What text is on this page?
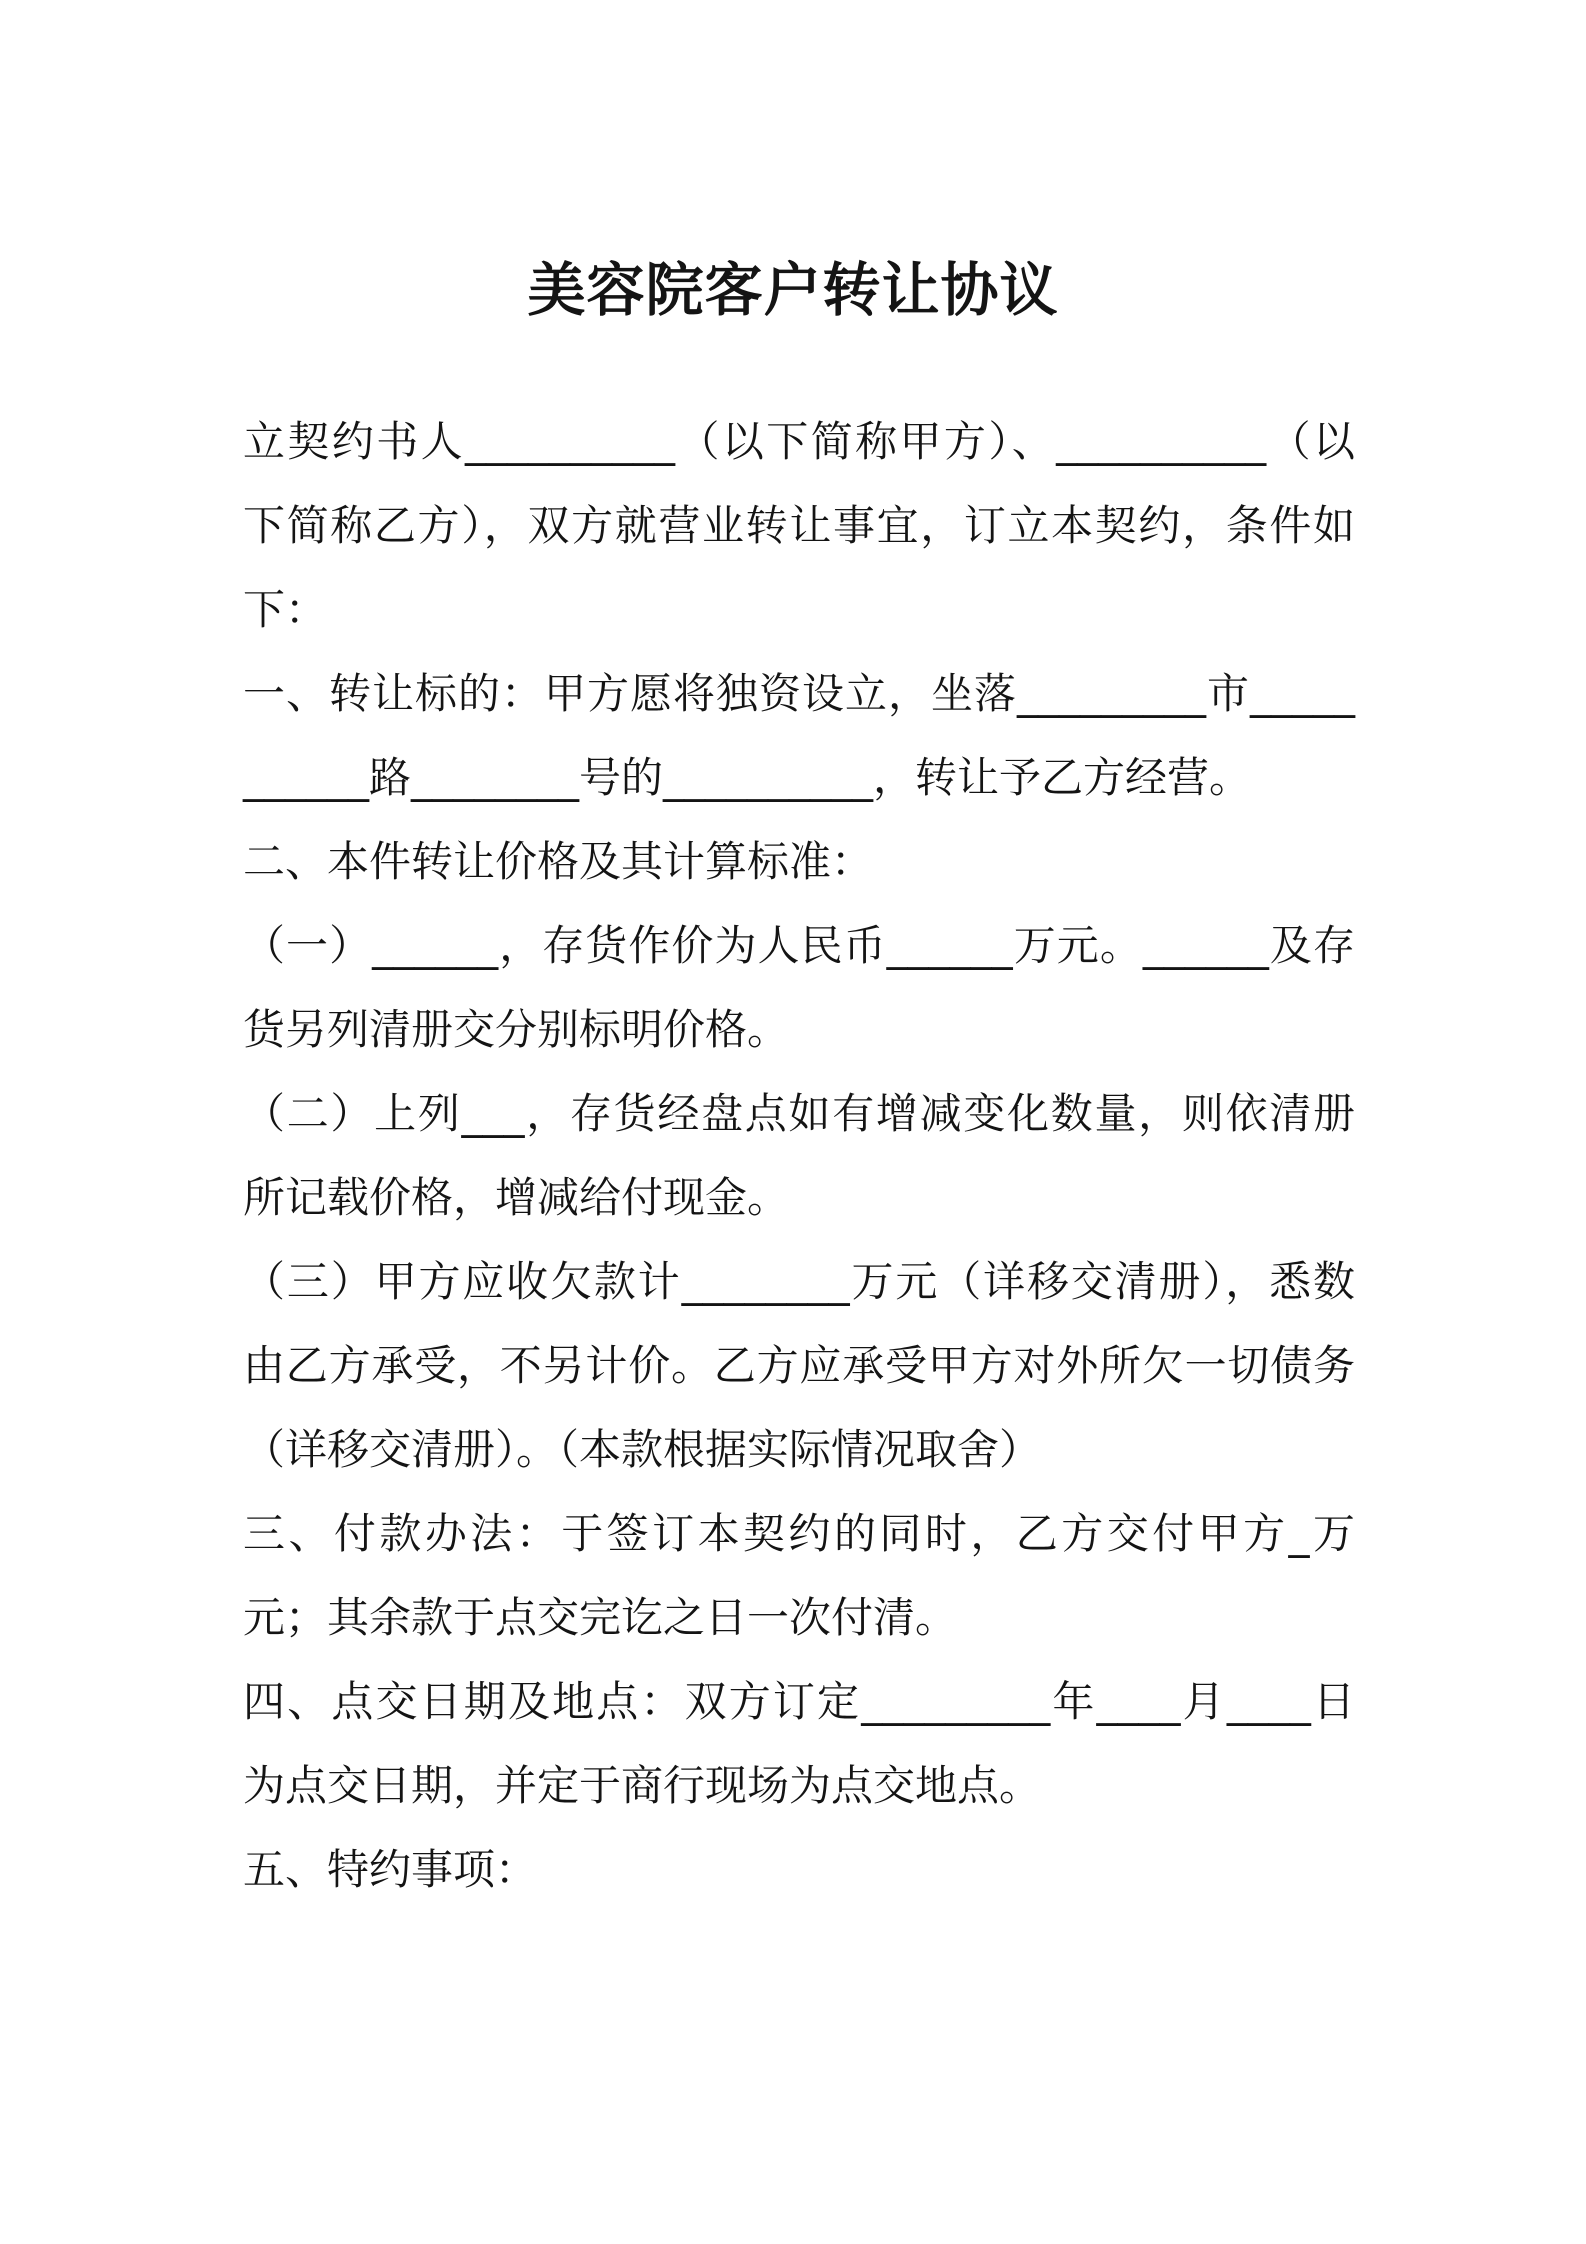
美容院客户转让协议

立契约书人__________（以下简称甲方）、__________（以下简称乙方），双方就营业转让事宜，订立本契约，条件如下：

一、转让标的：甲方愿将独资设立，坐落_________市___________路________号的__________，转让予乙方经营。

二、本件转让价格及其计算标准：

（一）______，存货作价为人民币______万元。______及存货另列清册交分别标明价格。

（二）上列___，存货经盘点如有增减变化数量，则依清册所记载价格，增减给付现金。

（三）甲方应收欠款计________万元（详移交清册），悉数由乙方承受，不另计价。乙方应承受甲方对外所欠一切债务（详移交清册）。（本款根据实际情况取舍）

三、付款办法：于签订本契约的同时，乙方交付甲方_万元；其余款于点交完讫之日一次付清。

四、点交日期及地点：双方订定_________年____月____日为点交日期，并定于商行现场为点交地点。

五、特约事项：
